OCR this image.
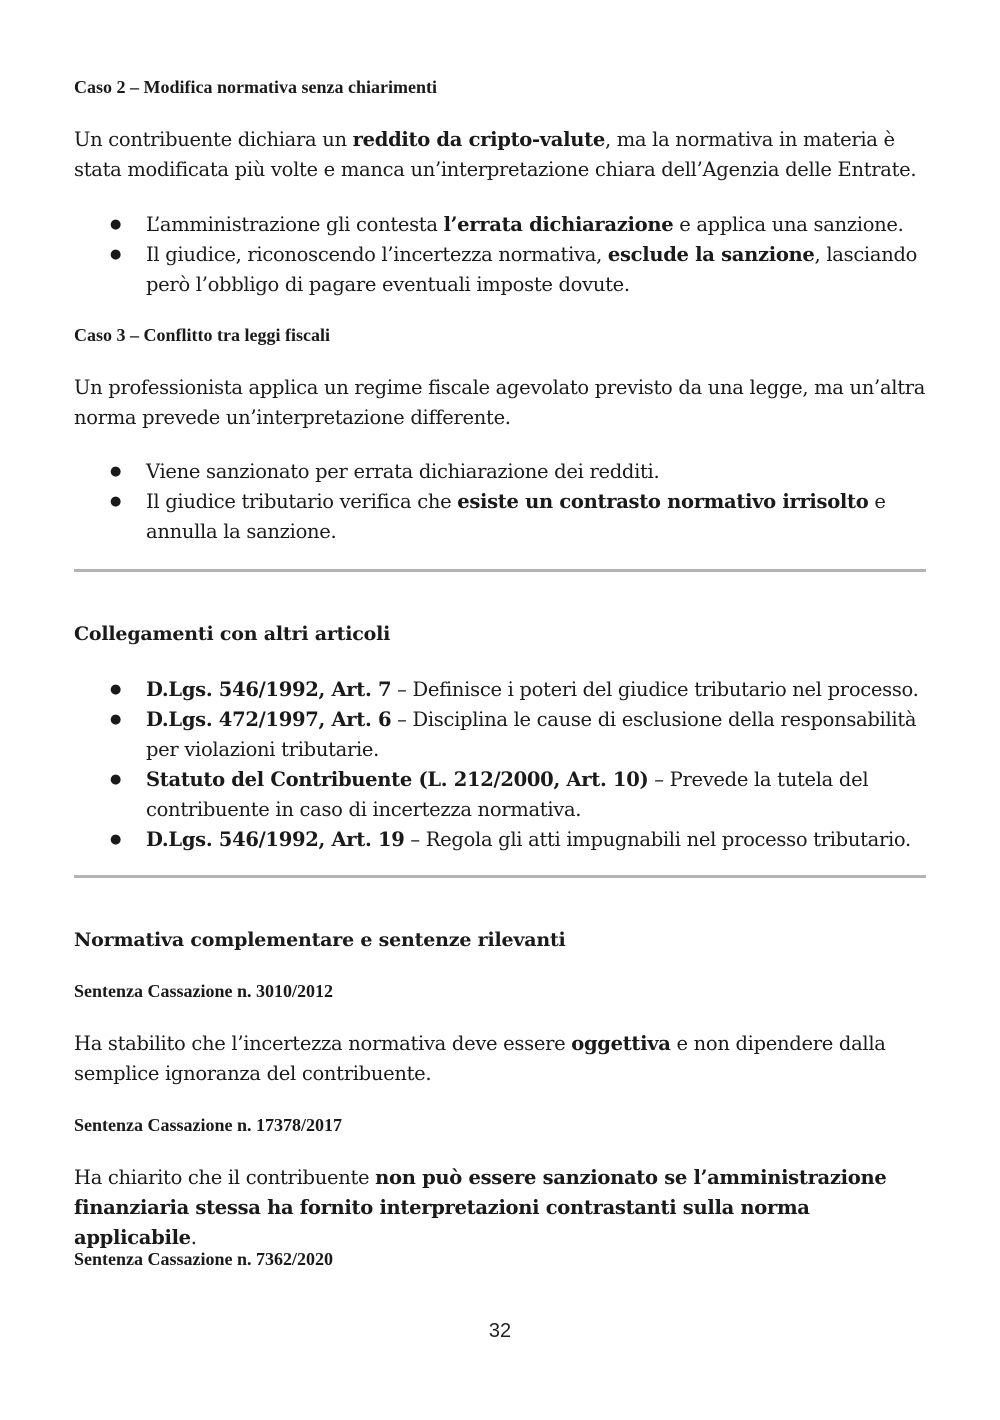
Caso 2 – Modifica normativa senza chiarimenti
Un contribuente dichiara un reddito da cripto-valute, ma la normativa in materia è stata modificata più volte e manca un’interpretazione chiara dell’Agenzia delle Entrate.
● L’amministrazione gli contesta l’errata dichiarazione e applica una sanzione.
● Il giudice, riconoscendo l’incertezza normativa, esclude la sanzione, lasciando però l’obbligo di pagare eventuali imposte dovute.
Caso 3 – Conflitto tra leggi fiscali
Un professionista applica un regime fiscale agevolato previsto da una legge, ma un’altra norma prevede un’interpretazione differente.
● Viene sanzionato per errata dichiarazione dei redditi.
● Il giudice tributario verifica che esiste un contrasto normativo irrisolto e annulla la sanzione.
Collegamenti con altri articoli
● D.Lgs. 546/1992, Art. 7 – Definisce i poteri del giudice tributario nel processo.
● D.Lgs. 472/1997, Art. 6 – Disciplina le cause di esclusione della responsabilità per violazioni tributarie.
● Statuto del Contribuente (L. 212/2000, Art. 10) – Prevede la tutela del contribuente in caso di incertezza normativa.
● D.Lgs. 546/1992, Art. 19 – Regola gli atti impugnabili nel processo tributario.
Normativa complementare e sentenze rilevanti
Sentenza Cassazione n. 3010/2012
Ha stabilito che l’incertezza normativa deve essere oggettiva e non dipendere dalla semplice ignoranza del contribuente.
Sentenza Cassazione n. 17378/2017
Ha chiarito che il contribuente non può essere sanzionato se l’amministrazione finanziaria stessa ha fornito interpretazioni contrastanti sulla norma applicabile.
Sentenza Cassazione n. 7362/2020
32
